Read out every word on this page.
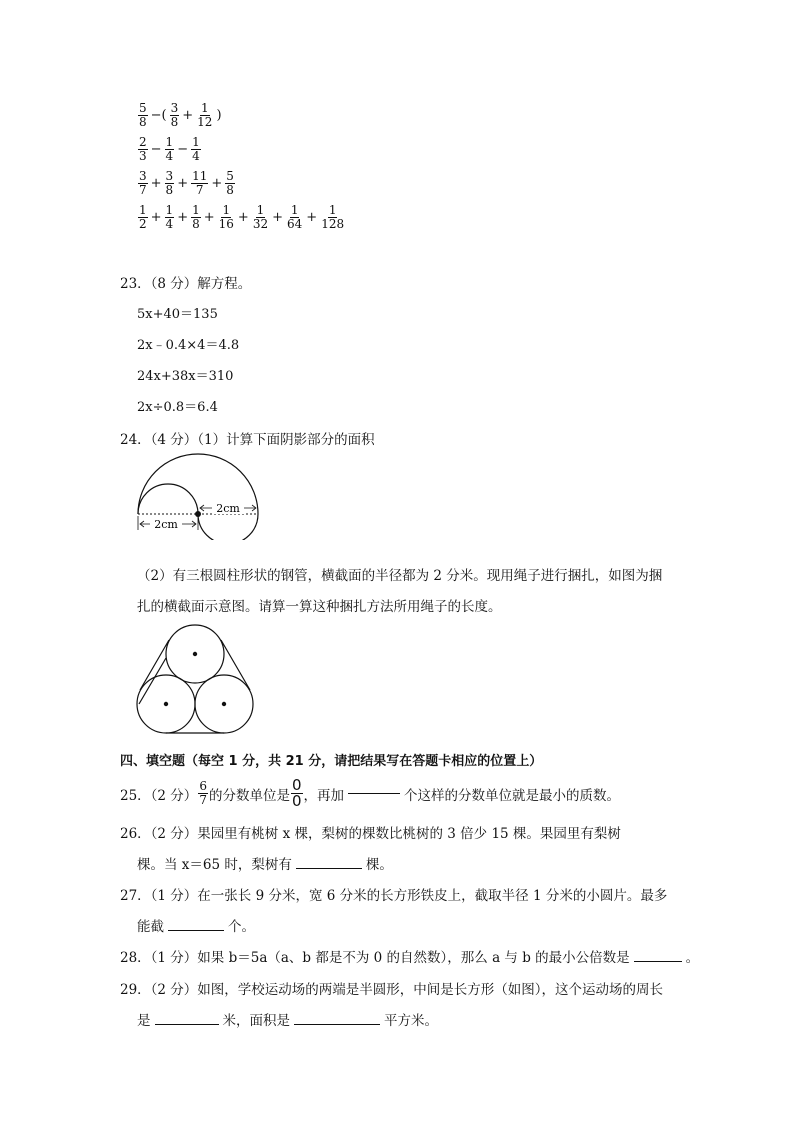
$\frac{5}{8}$ −( $\frac{3}{8} + \frac{1}{12}$ )
$\frac{2}{3} - \frac{1}{4} - \frac{1}{4}$
$\frac{3}{7} + \frac{3}{8} + \frac{11}{7} + \frac{5}{8}$
$\frac{1}{2} + \frac{1}{4} + \frac{1}{8} + \frac{1}{16} + \frac{1}{32} + \frac{1}{64} + \frac{1}{128}$
23．（8 分）解方程。
5x+40＝135
2x﹣0.4×4＝4.8
24x+38x＝310
2x÷0.8＝6.4
24．（4 分）（1）计算下面阴影部分的面积
2cm
2cm
（2）有三根圆柱形状的钢管，横截面的半径都为 2 分米。现用绳子进行捆扎，如图为捆
扎的横截面示意图。请算一算这种捆扎方法所用绳子的长度。
四、填空题（每空 1 分，共 21 分，请把结果写在答题卡相应的位置上）
25．（2 分） $\frac{6}{7}$ 的分数单位是 $\frac{0}{0}$ ，再加	个这样的分数单位就是最小的质数。
26．（2 分）果园里有桃树 x 棵，梨树的棵数比桃树的 3 倍少 15 棵。果园里有梨树
棵。当 x＝65 时，梨树有	棵。
27．（1 分）在一张长 9 分米，宽 6 分米的长方形铁皮上，截取半径 1 分米的小圆片。最多
能截	个。
28．（1 分）如果 b＝5a（a、b 都是不为 0 的自然数），那么 a 与 b 的最小公倍数是	。
29．（2 分）如图，学校运动场的两端是半圆形，中间是长方形（如图），这个运动场的周长
是	米，面积是	平方米。
